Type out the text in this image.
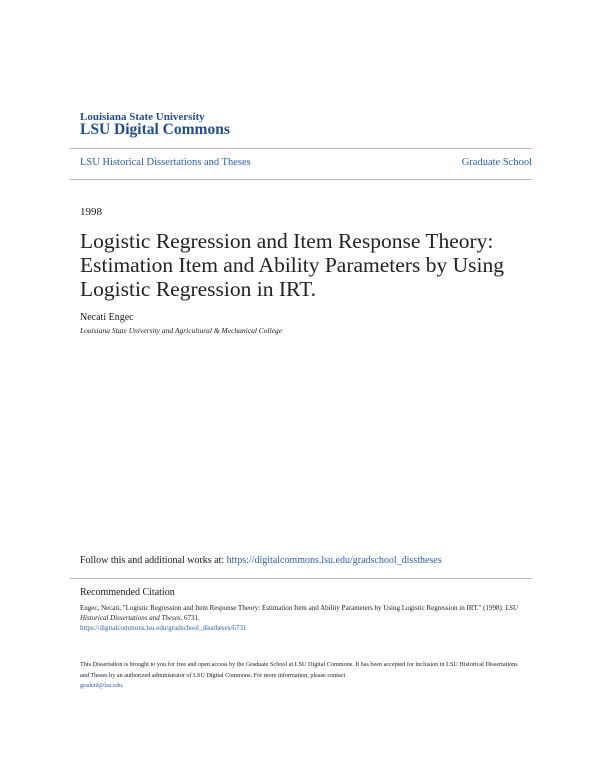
Louisiana State University
LSU Digital Commons
LSU Historical Dissertations and Theses	Graduate School
1998
Logistic Regression and Item Response Theory: Estimation Item and Ability Parameters by Using Logistic Regression in IRT.
Necati Engec
Louisiana State University and Agricultural & Mechanical College
Follow this and additional works at: https://digitalcommons.lsu.edu/gradschool_disstheses
Recommended Citation
Engec, Necati, "Logistic Regression and Item Response Theory: Estimation Item and Ability Parameters by Using Logistic Regression in IRT." (1998). LSU Historical Dissertations and Theses. 6731.
https://digitalcommons.lsu.edu/gradschool_disstheses/6731
This Dissertation is brought to you for free and open access by the Graduate School at LSU Digital Commons. It has been accepted for inclusion in LSU Historical Dissertations and Theses by an authorized administrator of LSU Digital Commons. For more information, please contact
gradetd@lsu.edu.
